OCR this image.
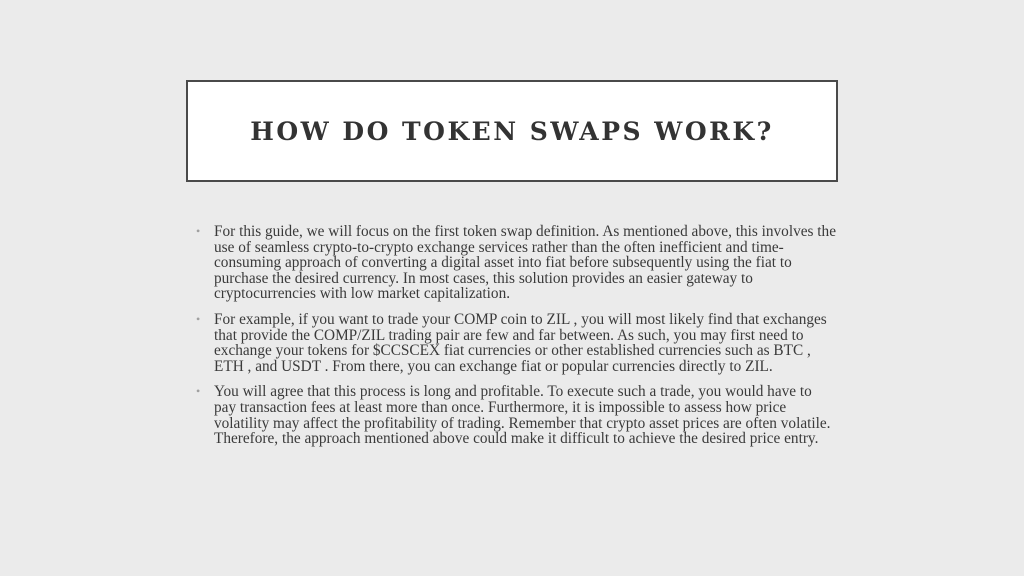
HOW DO TOKEN SWAPS WORK?
• For this guide, we will focus on the first token swap definition. As mentioned above, this involves the use of seamless crypto-to-crypto exchange services rather than the often inefficient and time-consuming approach of converting a digital asset into fiat before subsequently using the fiat to purchase the desired currency. In most cases, this solution provides an easier gateway to cryptocurrencies with low market capitalization.
• For example, if you want to trade your COMP coin to ZIL , you will most likely find that exchanges that provide the COMP/ZIL trading pair are few and far between. As such, you may first need to exchange your tokens for $CCSCEX fiat currencies or other established currencies such as BTC , ETH , and USDT . From there, you can exchange fiat or popular currencies directly to ZIL.
• You will agree that this process is long and profitable. To execute such a trade, you would have to pay transaction fees at least more than once. Furthermore, it is impossible to assess how price volatility may affect the profitability of trading. Remember that crypto asset prices are often volatile. Therefore, the approach mentioned above could make it difficult to achieve the desired price entry.
